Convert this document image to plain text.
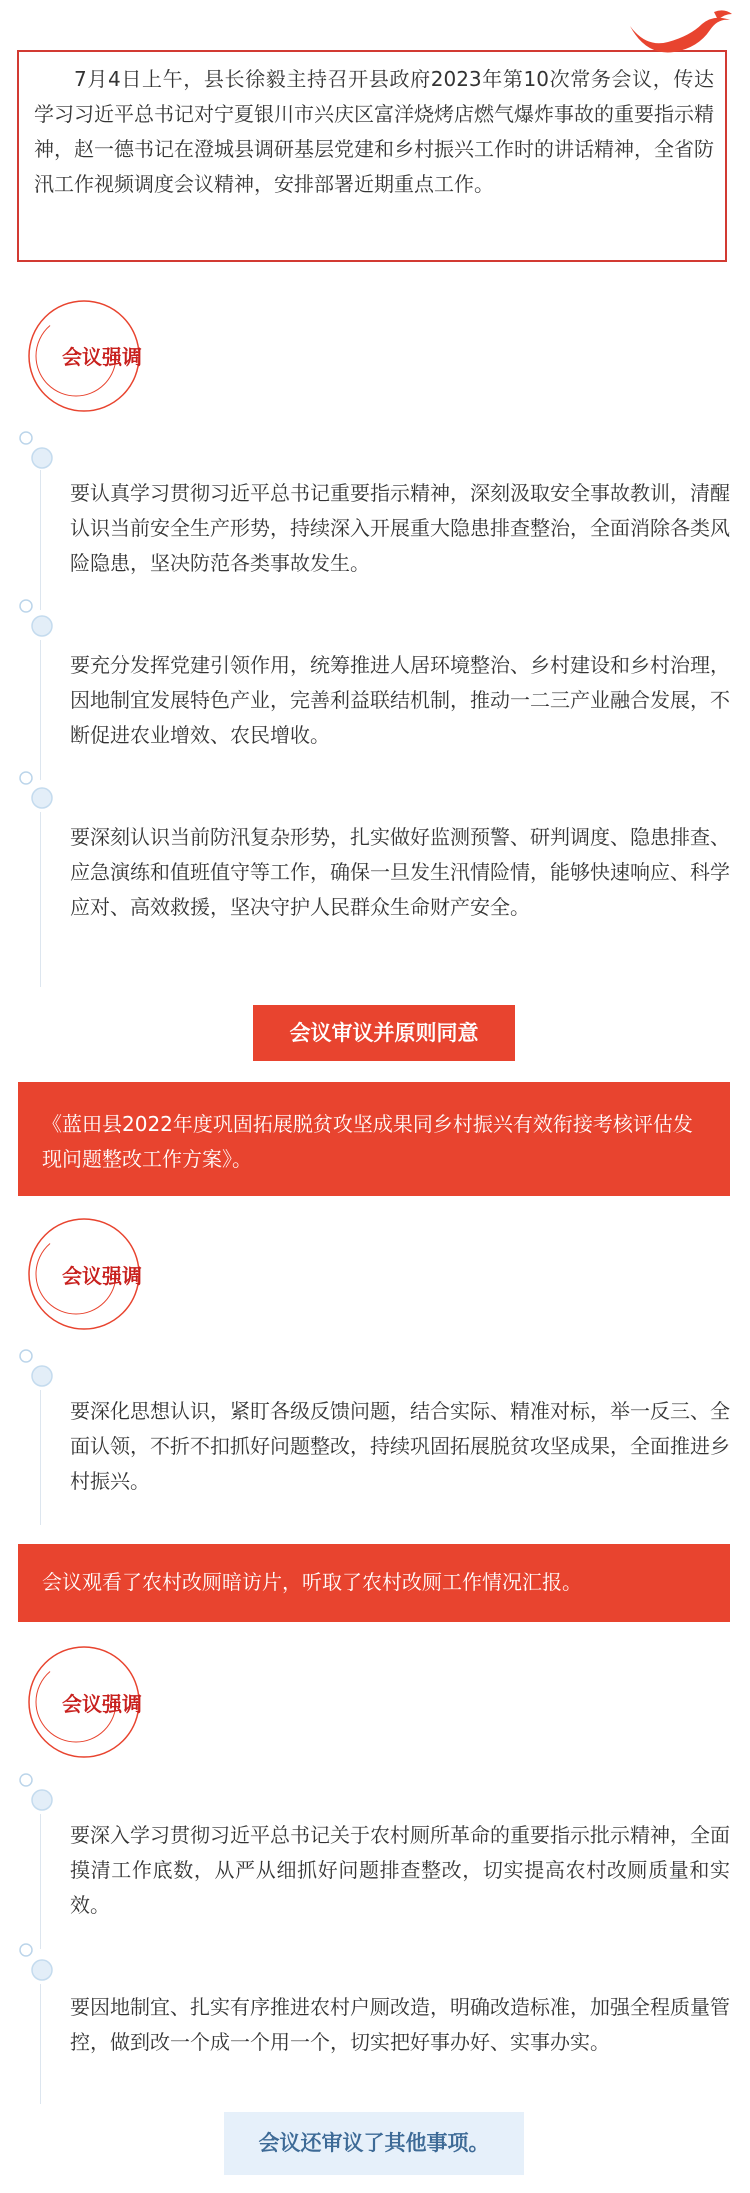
7月4日上午，县长徐毅主持召开县政府2023年第10次常务会议，传达学习习近平总书记对宁夏银川市兴庆区富洋烧烤店燃气爆炸事故的重要指示精神，赵一德书记在澄城县调研基层党建和乡村振兴工作时的讲话精神，全省防汛工作视频调度会议精神，安排部署近期重点工作。
会议强调
要认真学习贯彻习近平总书记重要指示精神，深刻汲取安全事故教训，清醒认识当前安全生产形势，持续深入开展重大隐患排查整治，全面消除各类风险隐患，坚决防范各类事故发生。
要充分发挥党建引领作用，统筹推进人居环境整治、乡村建设和乡村治理，因地制宜发展特色产业，完善利益联结机制，推动一二三产业融合发展，不断促进农业增效、农民增收。
要深刻认识当前防汛复杂形势，扎实做好监测预警、研判调度、隐患排查、应急演练和值班值守等工作，确保一旦发生汛情险情，能够快速响应、科学应对、高效救援，坚决守护人民群众生命财产安全。
会议审议并原则同意
《蓝田县2022年度巩固拓展脱贫攻坚成果同乡村振兴有效衔接考核评估发现问题整改工作方案》。
会议强调
要深化思想认识，紧盯各级反馈问题，结合实际、精准对标，举一反三、全面认领，不折不扣抓好问题整改，持续巩固拓展脱贫攻坚成果，全面推进乡村振兴。
会议观看了农村改厕暗访片，听取了农村改厕工作情况汇报。
会议强调
要深入学习贯彻习近平总书记关于农村厕所革命的重要指示批示精神，全面摸清工作底数，从严从细抓好问题排查整改，切实提高农村改厕质量和实效。
要因地制宜、扎实有序推进农村户厕改造，明确改造标准，加强全程质量管控，做到改一个成一个用一个，切实把好事办好、实事办实。
会议还审议了其他事项。
